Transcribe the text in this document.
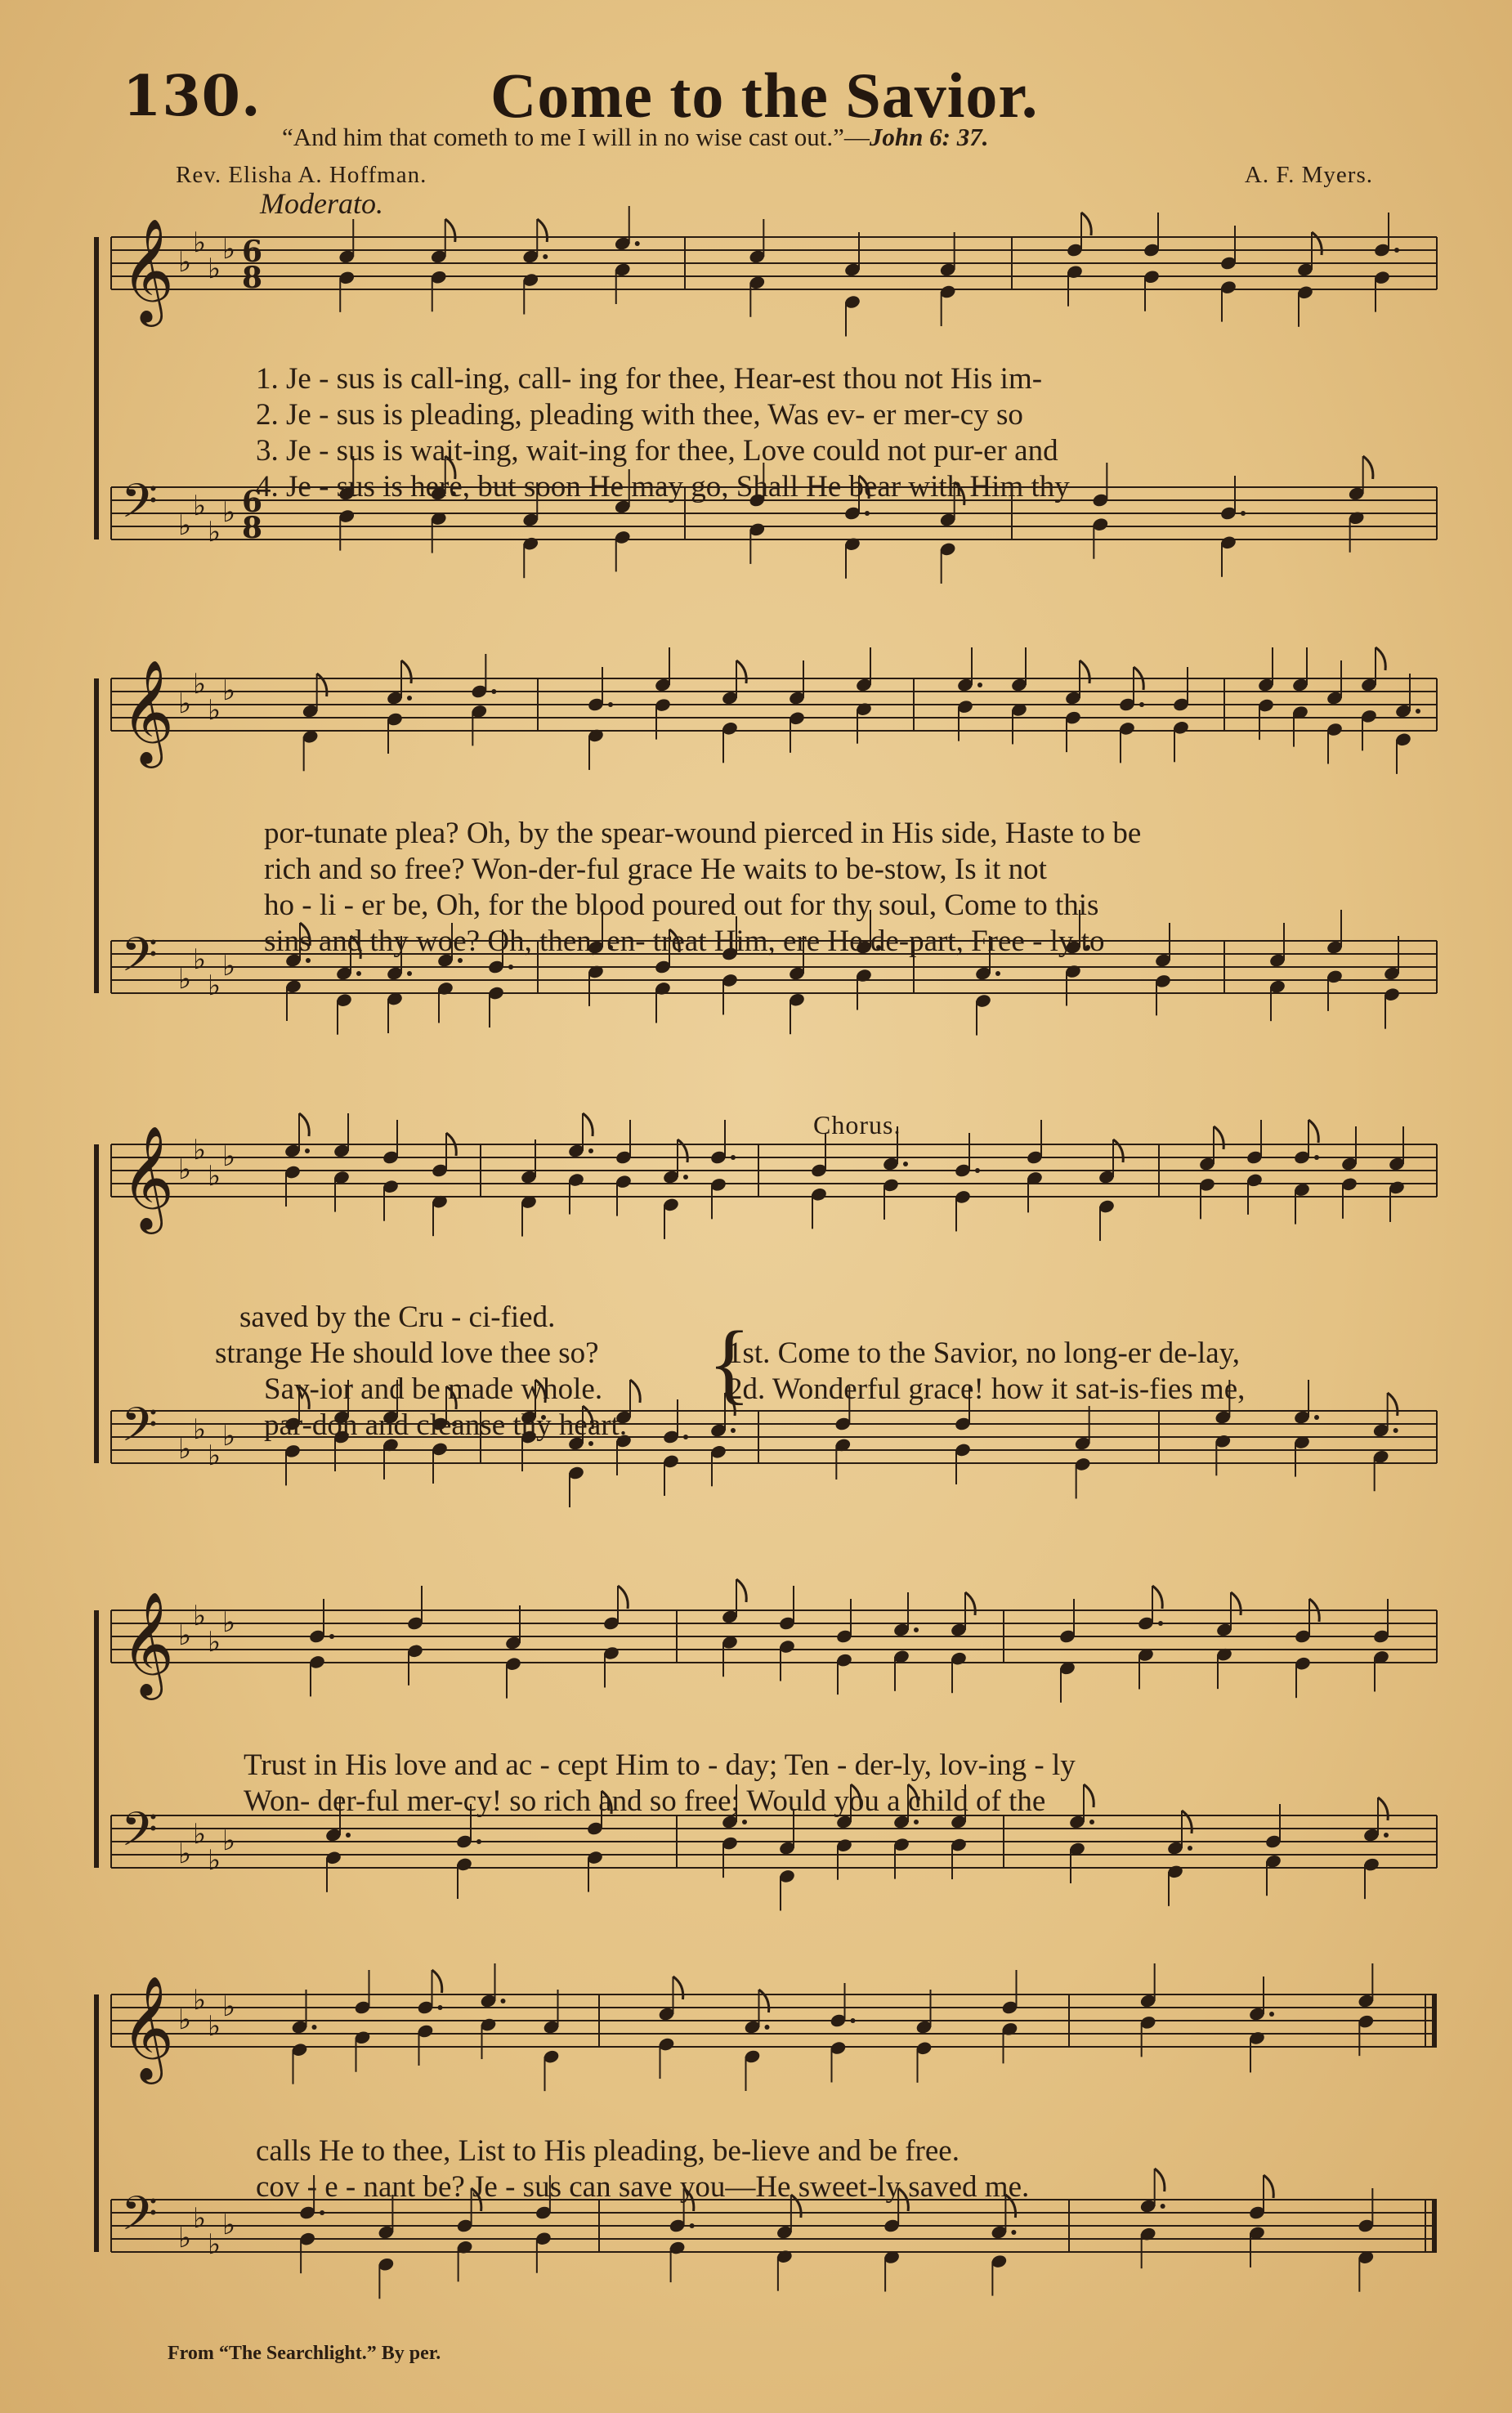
130.	Come to the Savior.
“And him that cometh to me I will in no wise cast out.”—John 6: 37.
Rev. Elisha A. Hoffman.	A. F. Myers.
Moderato.
𝄞 ♭
♭
♭
♭ 6
8
𝄢 ♭
♭
♭
♭ 6
8
1. Je - sus is call-ing, call- ing for thee, Hear-est thou not His im-
2. Je - sus is pleading, pleading with thee, Was ev- er mer-cy so
3. Je - sus is wait-ing, wait-ing for thee, Love could not pur-er and
4. Je - sus is here, but soon He may go, Shall He bear with Him thy
𝄞 ♭
♭
♭
♭
𝄢 ♭
♭
♭
♭
por-tunate plea? Oh, by the spear-wound pierced in His side, Haste to be
rich and so free? Won-der-ful grace He waits to be-stow, Is it not
ho - li - er be, Oh, for the blood poured out for thy soul, Come to this
sins and thy woe? Oh, then, en- treat Him, ere He de-part, Free - ly to
Chorus.
𝄞 ♭
♭
♭
♭
𝄢 ♭
♭
♭
♭
saved by the Cru - ci-fied.
strange He should love thee so?
Sav-ior and be made whole.
par-don and cleanse thy heart.
{
1st. Come to the Savior, no long-er de-lay,
2d. Wonderful grace! how it sat-is-fies me,
𝄞 ♭
♭
♭
♭
𝄢 ♭
♭
♭
♭
Trust in His love and ac - cept Him to - day; Ten - der-ly, lov-ing - ly
Won- der-ful mer-cy! so rich and so free; Would you a child of the
𝄞 ♭
♭
♭
♭
𝄢 ♭
♭
♭
♭
calls He to thee, List to His pleading, be-lieve and be free.
cov - e - nant be? Je - sus can save you—He sweet-ly saved me.
From “The Searchlight.” By per.
